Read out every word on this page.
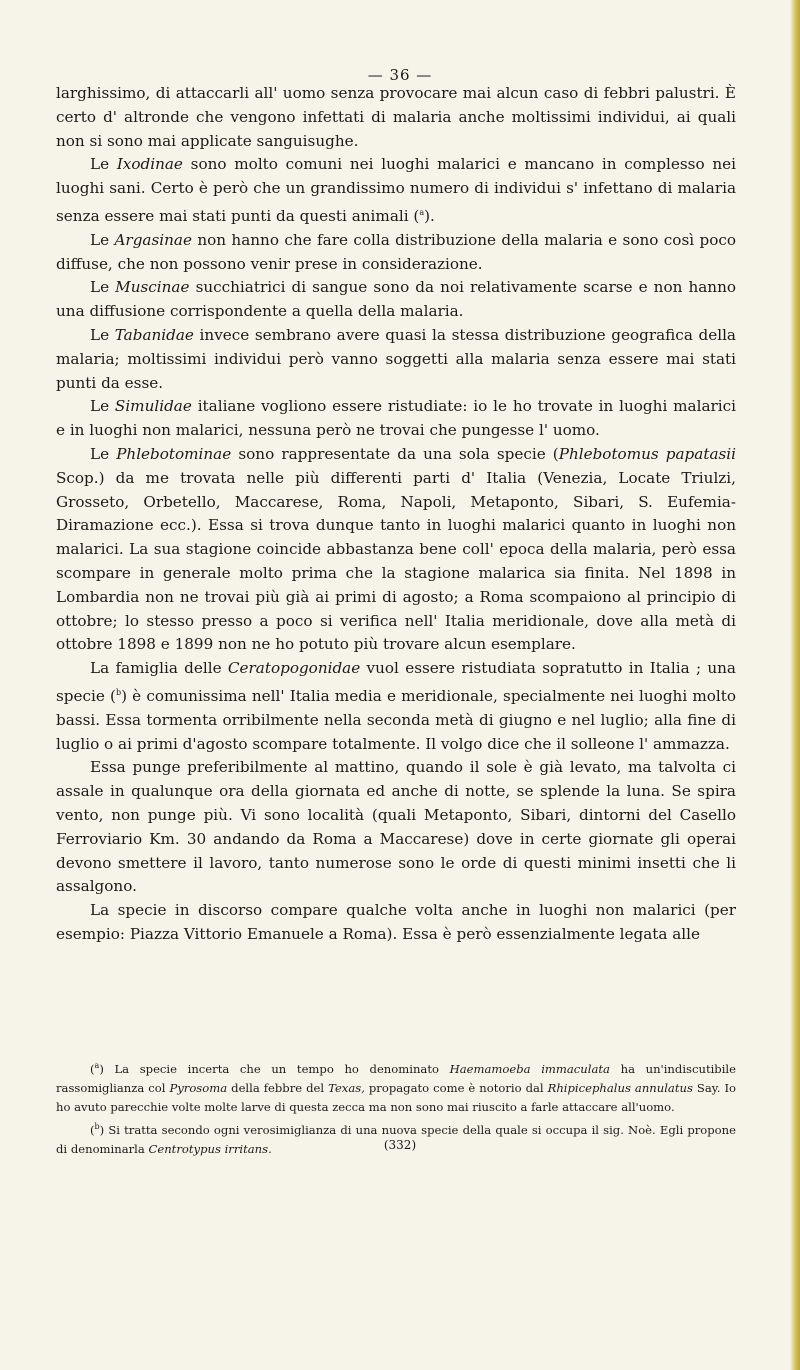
— 36 —

larghissimo, di attaccarli all' uomo senza provocare mai alcun caso di febbri palustri. È certo d' altronde che vengono infettati di malaria anche moltissimi individui, ai quali non si sono mai applicate sanguisughe.

Le Ixodinae sono molto comuni nei luoghi malarici e mancano in complesso nei luoghi sani. Certo è però che un grandissimo numero di individui s' infettano di malaria senza essere mai stati punti da questi animali ($^a$).

Le Argasinae non hanno che fare colla distribuzione della malaria e sono così poco diffuse, che non possono venir prese in considerazione.

Le Muscinae succhiatrici di sangue sono da noi relativamente scarse e non hanno una diffusione corrispondente a quella della malaria.

Le Tabanidae invece sembrano avere quasi la stessa distribuzione geografica della malaria; moltissimi individui però vanno soggetti alla malaria senza essere mai stati punti da esse.

Le Simulidae italiane vogliono essere ristudiate: io le ho trovate in luoghi malarici e in luoghi non malarici, nessuna però ne trovai che pungesse l' uomo.

Le Phlebotominae sono rappresentate da una sola specie (Phlebotomus papatasii Scop.) da me trovata nelle più differenti parti d' Italia (Venezia, Locate Triulzi, Grosseto, Orbetello, Maccarese, Roma, Napoli, Metaponto, Sibari, S. Eufemia-Diramazione ecc.). Essa si trova dunque tanto in luoghi malarici quanto in luoghi non malarici. La sua stagione coincide abbastanza bene coll' epoca della malaria, però essa scompare in generale molto prima che la stagione malarica sia finita. Nel 1898 in Lombardia non ne trovai più già ai primi di agosto; a Roma scompaiono al principio di ottobre; lo stesso presso a poco si verifica nell' Italia meridionale, dove alla metà di ottobre 1898 e 1899 non ne ho potuto più trovare alcun esemplare.

La famiglia delle Ceratopogonidae vuol essere ristudiata sopratutto in Italia ; una specie ($^b$) è comunissima nell' Italia media e meridionale, specialmente nei luoghi molto bassi. Essa tormenta orribilmente nella seconda metà di giugno e nel luglio; alla fine di luglio o ai primi d'agosto scompare totalmente. Il volgo dice che il solleone l' ammazza.

Essa punge preferibilmente al mattino, quando il sole è già levato, ma talvolta ci assale in qualunque ora della giornata ed anche di notte, se splende la luna. Se spira vento, non punge più. Vi sono località (quali Metaponto, Sibari, dintorni del Casello Ferroviario Km. 30 andando da Roma a Maccarese) dove in certe giornate gli operai devono smettere il lavoro, tanto numerose sono le orde di questi minimi insetti che li assalgono.

La specie in discorso compare qualche volta anche in luoghi non malarici (per esempio: Piazza Vittorio Emanuele a Roma). Essa è però essenzialmente legata alle

($^a$) La specie incerta che un tempo ho denominato Haemamoeba immaculata ha un'indiscutibile rassomiglianza col Pyrosoma della febbre del Texas, propagato come è notorio dal Rhipicephalus annulatus Say. Io ho avuto parecchie volte molte larve di questa zecca ma non sono mai riuscito a farle attaccare all'uomo.

($^b$) Si tratta secondo ogni verosimiglianza di una nuova specie della quale si occupa il sig. Noè. Egli propone di denominarla Centrotypus irritans.	(332)
